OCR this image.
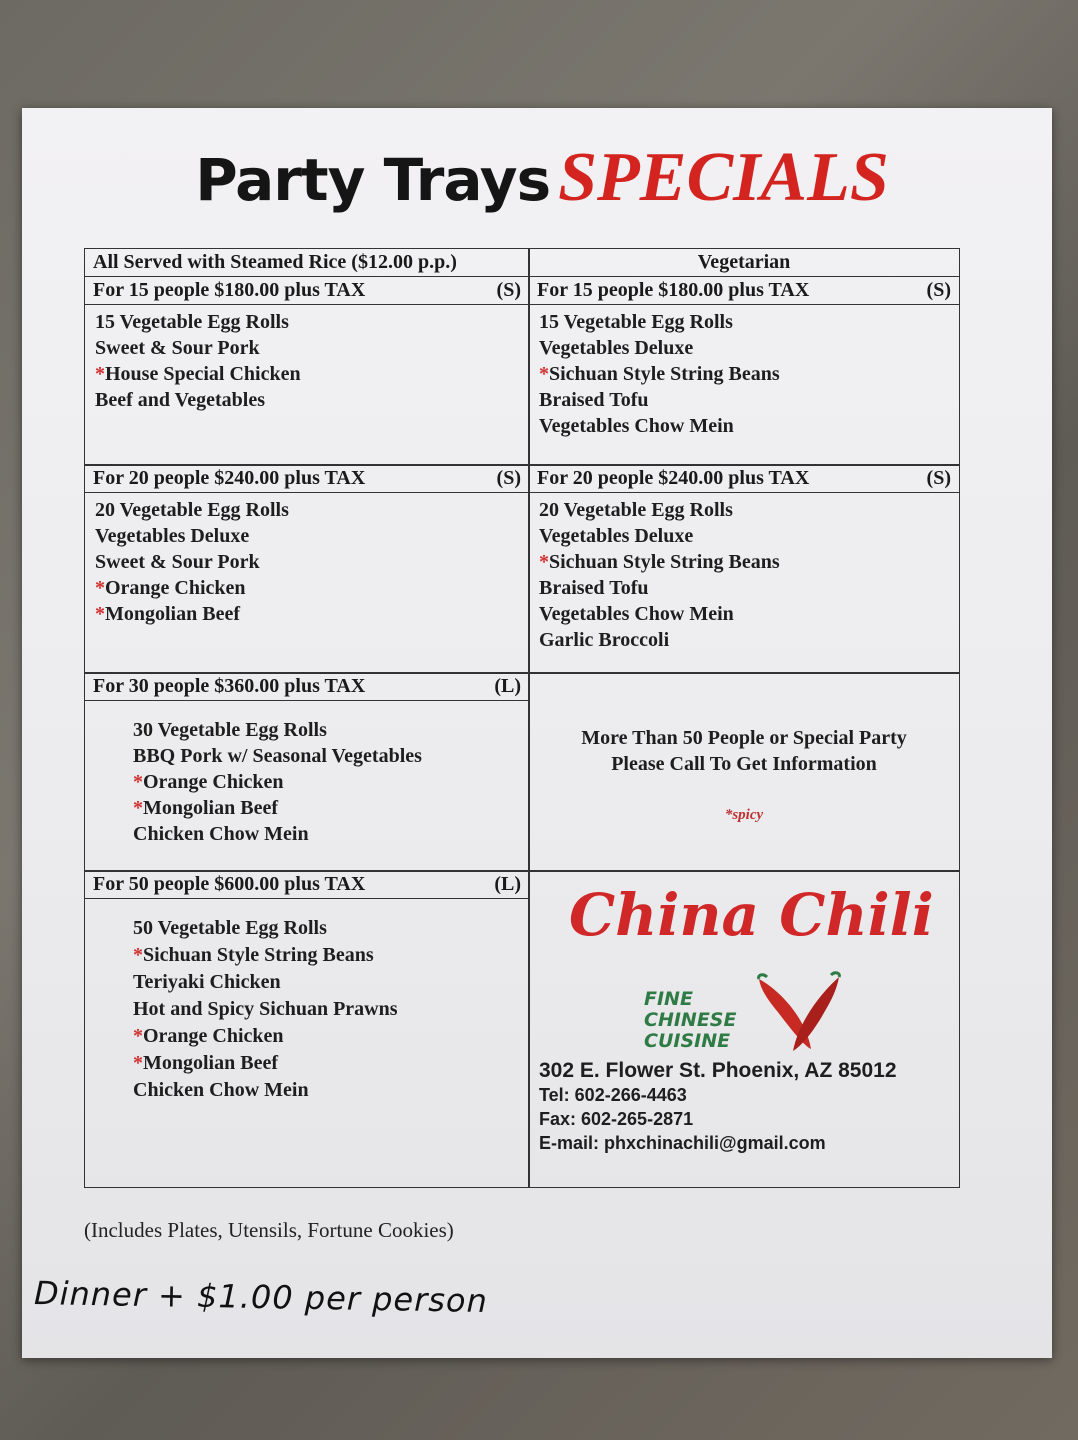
Party Trays SPECIALS
All Served with Steamed Rice ($12.00 p.p.)
For 15 people $180.00 plus TAX	(S)
15 Vegetable Egg Rolls
Sweet & Sour Pork
*House Special Chicken
Beef and Vegetables
Vegetarian
For 15 people $180.00 plus TAX	(S)
15 Vegetable Egg Rolls
Vegetables Deluxe
*Sichuan Style String Beans
Braised Tofu
Vegetables Chow Mein
For 20 people $240.00 plus TAX	(S)
20 Vegetable Egg Rolls
Vegetables Deluxe
Sweet & Sour Pork
*Orange Chicken
*Mongolian Beef
For 20 people $240.00 plus TAX	(S)
20 Vegetable Egg Rolls
Vegetables Deluxe
*Sichuan Style String Beans
Braised Tofu
Vegetables Chow Mein
Garlic Broccoli
For 30 people $360.00 plus TAX	(L)
30 Vegetable Egg Rolls
BBQ Pork w/ Seasonal Vegetables
*Orange Chicken
*Mongolian Beef
Chicken Chow Mein
More Than 50 People or Special Party
Please Call To Get Information
*spicy
For 50 people $600.00 plus TAX	(L)
50 Vegetable Egg Rolls
*Sichuan Style String Beans
Teriyaki Chicken
Hot and Spicy Sichuan Prawns
*Orange Chicken
*Mongolian Beef
Chicken Chow Mein
China Chili
FINE
CHINESE
CUISINE
302 E. Flower St. Phoenix, AZ 85012
Tel: 602-266-4463
Fax: 602-265-2871
E-mail: phxchinachili@gmail.com
(Includes Plates, Utensils, Fortune Cookies)
Dinner + $1.00 per person
